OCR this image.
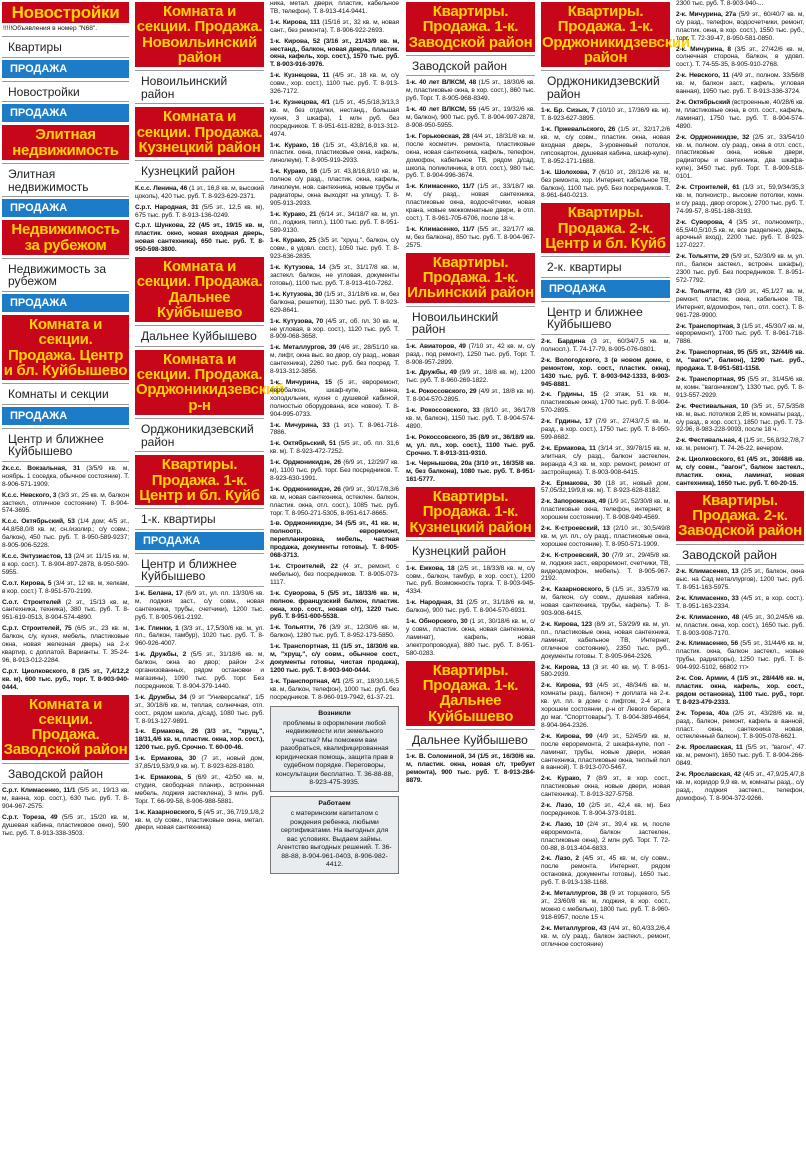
Новостройки
!!!!!Объявления в номер "N68".
Квартиры
ПРОДАЖА
Новостройки
ПРОДАЖА
Элитная недвижимость
Элитная недвижимость
ПРОДАЖА
Недвижимость за рубежом
Недвижимость за рубежом
ПРОДАЖА
Комната и секции. Продажа. Центр и бл. Куйбышево
Комнаты и секции
ПРОДАЖА
Центр и ближнее Куйбышево
2к.с.с. Вокзальная, 31 (3/5/9 кв. м, ноябрь. 1 соседка, обычное состояние). Т. 8-906-571-1909.
К.с.с. Невского, 3 (3/3 эт., 25 кв. м, балкон застекл., отличное состояние) Т. 8-904-574-3695.
К.с.с. Октябрьский, 53 (1/4 дом; 4/5 эт., 44,8/58,0/8 кв. м; сн./изолир.; с/у совм.; балкон), 450 тыс. руб. Т. 8-950-589-9237; 8-905-906-5228.
К.с.с. Энтузиастов, 13 (2/4 эт. 11/15 кв. м, в кор. сост.). Т. 8-904-897-2878, 8-950-590-5955.
С.о.т. Кирова, 5 (3/4 эт., 12 кв. м, хелкам, в кор. сост.) Т. 8-951-570-2199.
С.о.т. Строителей (2 эт., 15/13 кв. м, сантехника, техника), 380 тыс. руб. Т. 8-951-619-0513, 8-904-574-4890.
С.р.т. Строителей, 75 (6/5 эт., 23 кв. м, балкон, с/у, кухня, мебель, пластиковые окна, новая железная дверь) на 2-х квартир, с доплатой. Варианты. Т. 35-24-96, 8-913-012-2284.
С.р.т. Циолковского, 8 (3/5 эт., 7,4/12,2 кв. м), 600 тыс. руб., торг. Т. 8-903-940-0444.
Комната и секции. Продажа. Заводской район
Заводской район
С.р.т. Климасенко, 11/1 (5/5 эт., 19/13 кв. м, ванна, хор. сост.), 630 тыс. руб. Т. 8-904-967-2575.
С.р.т. Тореза, 49 (5/5 эт., 15/20 кв. м, душевая кабина, пластиковое окно), 590 тыс. руб. Т. 8-913-338-3503.
Комната и секции. Продажа. Новоильинский район
Новоильинский район
Комната и секции. Продажа. Кузнецкий район
Кузнецкий район
К.с.с. Ленина, 46 (1 эт., 16,8 кв. м, высокий цоколь), 420 тыс. руб. Т. 8-923-629-2371.
С.р.т. Народная, 31 (5/5 эт., 12,5 кв. м), 675 тыс. руб. Т. 8-913-136-0249.
С.р.т. Шункова, 22 (4/5 эт., 19/15 кв. м, пластик. окно, новая входная дверь, новая сантехника), 650 тыс. руб. Т. 8-950-598-3800.
Комната и секции. Продажа. Дальнее Куйбышево
Дальнее Куйбышево
Комната и секции. Продажа. Орджоникидзевский р-н
Орджоникидзевский район
Квартиры. Продажа. 1-к. Центр и бл. Куйб
1-к. квартиры
ПРОДАЖА
Центр и ближнее Куйбышево
1-к. Белана, 17 (6/9 эт., ул. пл. 13/30/6 кв. м, лоджия заст., с/у совм., новая сантехника, трубы, счетчики), 1200 тыс. руб. Т. 8-905-961-2192.
1-к. Глинки, 1 (3/3 эт., 17,5/30/6 кв. м, ул. пл., балкон, тамбур), 1020 тыс. руб. Т. 8-960-926-4007.
1-к. Дружбы, 2 (5/5 эт., 31/18/6 кв. м, балкон, окна во двор; район 2-х организованных, рядом остановки и магазины), 1090 тыс. руб. торг. Без посредников. Т. 8-904-379-1440.
1-к. Дружбы, 34 (9 эт "Универсалка", 1/5 эт., 30/18/6 кв. м, теплая, солнечная, отл. сост., рядом школа, д/сад), 1080 тыс. руб. Т. 8-913-127-9891.
1-к. Ермакова, 26 (3/3 эт., "хрущ.", 18/31,4/6 кв. м, пластик. окна, хор. сост.), 1200 тыс. руб. Срочно. Т. 60-00-46.
1-к. Ермакова, 30 (7 эт., новый дом, 37,85/19,53/9,9 кв. м). Т. 8-923-628-8180.
1-к. Ермакова, 5 (6/9 эт., 42/50 кв. м, студия, свободная планир., встроенная мебель, лоджия застеклена), 3 млн. руб. Торг. Т. 66-99-58, 8-906-988-5881.
1-к. Казарновского, 5 (4/5 эт., 36,7/19,1/8,2 кв. м, с/у совм., пластиковые окна, метал. двери, новая сантехника)
ника, метал. двери, пластик, кабельное ТВ, телефон). Т. 8-913-414-9441.
1-к. Кирова, 111 (15/16 эт., 32 кв. м, новая сант., без ремонта). Т. 8-906-922-2693.
1-к. Кирова, 52 (3/16 эт., 21/43/9 кв. м, нестанд., балкон, новая дверь, пластик. окна, кафель, хор. сост.), 1570 тыс. руб. Т. 8-903-916-3976.
1-к. Кузнецова, 11 (4/5 эт., 18 кв. м, с/у совм., хор. сост.), 1100 тыс. руб. Т. 8-913-326-7172.
1-к. Кузнецова, 4/1 (1/5 эт., 45,5/18,3/13,3 кв. м, без отделки, нестанд., большая кухня, 3 шкафа), 1 млн руб. без посредников. Т. 8-951-611-8282, 8-913-312-4974.
1-к. Курако, 16 (1/5 эт., 43,8/16,8 кв. м, пластик. окна, пластиковые окна, кафель, линолеум). Т. 8-905-919-2933.
1-к. Курако, 16 (1/5 эт. 43,8/16,8/10 кв. м, полное с/у разд., пластик. окна, кафель, линолеум, нов. сантехника, новые трубы и радиаторы, окна выходят на улицу). Т. 8-905-913-2933.
1-к. Курако, 21 (6/14 эт., 34/18/7 кв. м, ул. пл., лоджия, тепл.), 1100 тыс. руб. Т. 8-951-589-9130.
1-к. Курако, 25 (3/5 эт. "хрущ.", балкон, с/у совм., в удовл. сост.), 1050 тыс. руб. Т. 8-923-636-2835.
1-к. Кутузова, 14 (3/5 эт., 31/17/8 кв. м, застекл. балкон, не угловая, документы готовы), 1100 тыс. руб. Т. 8-913-410-7262.
1-к. Кутузова, 30 (1/5 эт., 31/18/6 кв. м, без балкона, решетки), 1130 тыс. руб. Т. 8-923-629-8641.
1-к. Кутузова, 70 (4/5 эт., об. пл. 30 кв. м, не угловая, в хор. сост.), 1120 тыс. руб. Т. 8-909-068-3658.
1-к. Металлургов, 39 (4/6 эт., 28/51/10 кв. м, лифт, окна выс. во двор, с/у разд., новая сантехника), 2260 тыс. руб. без посред. Т. 8-913-312-3856.
1-к. Мичурина, 15 (5 эт., евроремонт, евробалкон, шкаф-купе, ванна, холодильник, кухня с душевой кабиной, полностью оборудована, все новое). Т. 8-904-995-0733.
1-к. Мичурина, 33 (1 эт.). Т. 8-961-718-7886.
1-к. Октябрьский, 51 (5/5 эт., об. пл. 31,6 кв. м). Т. 8-923-472-7252.
1-к. Орджоникидзе, 26 (6/9 эт., 12/29/7 кв. м), 1100 тыс. руб. торг. Без посредников. Т. 8-923-630-1991.
1-к. Орджоникидзе, 26 (9/9 эт., 30/17/8,3/6 кв. м, новая сантехника, остеклен. балкон, пластик. окна, отл. сост.), 1085 тыс. руб. торг. Т. 8-950-271-5305, 8-951-617-8665.
1-в. Орджоникидзе, 34 (5/5 эт., 41 кв. м, полноотр. евроремонт, перепланировка, мебель, частная продажа, документы готовы). Т. 8-905-068-3713.
1-к. Строителей, 22 (4 эт., ремонт, с мебелью), без посредников. Т. 8-905-073-1117.
1-к. Суворова, 5 (5/5 эт., 18/33/6 кв. м, полное. французский балкон, пластик. окна, хор. сост., новая с/т), 1220 тыс. руб. Т. 8-951-600-5538.
1-к. Тольятти, 76 (3/9 эт., 12/30/6 кв. м, балкон), 1280 тыс. руб. Т. 8-952-173-5850.
1-к. Транспортная, 11 (1/5 эт., 18/30/6 кв. м, "хрущ.", с/у совм., обычное сост., документы готовы, чистая продажа), 1200 тыс. руб. Т. 8-903-940-0444.
1-к. Транспортная, 4/1 (2/5 эт., 18/30,1/6,5 кв. м, балкон, телефон), 1000 тыс. руб. без посредников. Т. 8-960-919-7942, 61-37-21.
Возникли
проблемы в оформлении любой недвижимости или земельного участка? Мы поможем вам разобраться, квалифицированная юридическая помощь, защита прав в судебном порядке. Переговоры, консультации бесплатно. Т. 36-88-88, 8-923-475-3935.
Работаем
с материнским капиталом с рождения ребенка, любыми сертификатами. На выгодных для вас условиях. Выдаем займы. Агентство выгодных решений. Т. 36-88-88, 8-904-961-0403, 8-906-982-4412.
Квартиры. Продажа. 1-к. Заводской район
Заводской район
1-к. 40 лет ВЛКСМ, 48 (1/5 эт., 18/30/6 кв. м, пластиковые окна, в хор. сост.), 860 тыс. руб. Торг. Т. 8-905-968-8349.
1-к. 40 лет ВЛКСМ, 55 (4/5 эт., 19/32/6 кв. м, балкон), 900 тыс. руб. Т. 8-904-997-2878, 8-908-950-5955.
1-к. Горьковская, 28 (4/4 эт., 18/31/8 кв. м, после косметич. ремонта, пластиковые окна, новая сантехника, кафель, телефон, домофон, кабельное ТВ, рядом д/сад, школа, поликлиника, в отл. сост.), 980 тыс. руб. Т. 8-904-996-3674.
1-к. Климасенко, 11/7 (1/5 эт., 33/18/7 кв. м, с/у разд., новая сантехника, пластиковые окна, водосчётчики, новая крана, новые межкомнатные двери, в отл. сост.). Т. 8-961-705-6706, после 18 ч.
1-к. Климасенко, 11/7 (5/5 эт., 32/17/7 кв. м, без балкона), 850 тыс. руб. Т. 8-904-967-2575.
Квартиры. Продажа. 1-к. Ильинский район
Новоильинский район
1-к. Авиаторов, 49 (7/10 эт., 42 кв. м, с/у разд., под ремонт), 1250 тыс. руб. Торг. Т. 8-908-957-2899.
1-к. Дружбы, 49 (9/9 эт., 18/8 кв. м), 1200 тыс. руб. Т. 8-960-269-1822.
1-к. Рокоссовского, 29 (4/9 эт., 18/8 кв. м). Т. 8-904-570-2895.
1-к. Рокоссовского, 33 (8/10 эт., 36/17/8 кв. м, балкон), 1150 тыс. руб. Т. 8-904-574-4890.
1-к. Рокоссовского, 35 (8/9 эт., 36/18/9 кв. м, ул. пл., хор. сост.), 1100 тыс. руб. Срочно. Т. 8-913-311-9310.
1-к. Чернышова, 20а (3/10 эт., 16/35/8 кв. м, без балкона), 1080 тыс. руб. Т. 8-951-161-5777.
Квартиры. Продажа. 1-к. Кузнецкий район
Кузнецкий район
1-к. Ежкова, 18 (2/5 эт., 18/33/8 кв. м, с/у совм., балкон, тамбур, в хор. сост.), 1200 тыс. руб. Возможность торга. Т. 8-903-945-4334.
1-к. Народная, 31 (2/5 эт., 31/18/6 кв. м, балкон), 900 тыс. руб. Т. 8-904-570-6931.
1-к. Обнорского, 30 (1 эт., 30/18/6 кв. м, с/у совм., пластик. окна, новая сантехника, ламинат), кафель, новая электропроводка), 880 тыс. руб. Т. 8-951-580-0283.
Квартиры. Продажа. 1-к. Дальнее Куйбышево
Дальнее Куйбышево
1-к. В. Соломиной, 34 (1/5 эт., 16/30/6 кв. м, пластик. окна, новая с/т, требует ремонта), 900 тыс. руб. Т. 8-913-284-8879.
Квартиры. Продажа. 1-к. Орджоникидзевский район
Орджоникидзевский район
1-к. Бр. Сизых, 7 (10/10 эт., 17/36/9 кв. м). Т. 8-923-627-3895.
1-к. Пржевальского, 26 (1/5 эт., 32/17,2/6 кв. м, с/у совм., пластик. окна, новая входная дверь, 3-уровневый потолок, гипсокартон, душевая кабина, шкаф-купе). Т. 8-952-171-1688.
1-к. Шолохова, 7 (6/10 эт., 28/12/6 кв. м, без ремонта, хор. Интернет, кабельное ТВ, балкон), 1100 тыс. руб. Без посредников. Т. 8-961-640-0213.
Квартиры. Продажа. 2-к. Центр и бл. Куйб
2-к. квартиры
ПРОДАЖА
Центр и ближнее Куйбышево
2-к. Бардина (3 эт., 60/34/7,5 кв. м, полносп.). Т. 74-17-79, 8-905-076-0801.
2-к. Вологодского, 3 (в новом доме, с ремонтом, хор. сост., пластик. окна), 1430 тыс. руб. Т. 8-903-942-1333, 8-903-945-8881.
2-к. Грдины, 15 (2 этаж, 51 кв. м, пластиковые окна), 1700 тыс. руб. Т. 8-904-570-2895.
2-к. Грдины, 17 (7/9 эт., 27/43/7,5 кв. м, разд., в хор. сост.), 1750 тыс. руб. Т. 8-950-599-8682.
2-к. Ермакова, 11 (3/14 эт., 39/78/15 кв. м, элитная, с/у разд., балкон застеклен, веранда 4,3 кв. м, хор. ремонт, ремонт от застройщика). Т. 8-903-908-6415.
2-к. Ермакова, 30 (18 эт., новый дом, 57,05/32,19/9,8 кв. м). Т. 8-923-628-8182.
2-к. Запорожская, 49 (1/9 эт., 52/30/8 кв. м, пластиковые окна, телефон, интернет, в хорошем состоянии). Т. 8-908-949-4569.
2-к. К-строевский, 13 (2/10 эт., 30,5/49/8 кв. м, ул. пл., с/у разд., пластиковые окна, хорошее состояние). Т. 8-950-571-1909.
2-к. К-строевский, 30 (7/9 эт., 29/45/8 кв. м, лоджия заст., евроремонт, счетчики, ТВ, видеодомофон, мебель). Т. 8-905-967-2192.
2-к. Казарновского, 5 (1/5 эт., 33/57/9 кв. м, балкон, с/у совм., душевая кабина, новая сантехника, трубы, кафель). Т. 8-903-908-6415.
2-к. Кирова, 123 (8/9 эт., 53/29/9 кв. м, ул. пл., пластиковые окна, новая сантехника, ламинат, кабельное ТВ, Интернет, отличное состояние), 2350 тыс. руб., документы готовы. Т. 8-905-964-2326.
2-к. Кирова, 13 (3 эт. 40 кв. м). Т. 8-951-580-2939.
2-к. Кирова, 93 (4/5 эт., 48/34/6 кв. м, комнаты разд., балкон) + доплата на 2-к. кв. ул. пл. в доме с лифтом, 2-4 эт., в хорошем состоянии, р-н от Левого берега до маг. "Спорттовары"). Т. 8-904-389-4664, 8-904-964-2326.
2-к. Кирова, 99 (4/9 эт., 52/45/9 кв. м, после евроремонта, 2 шкафа-купе, пол - ламинат, трубы, новые двери, новая сантехника, пластиковые окна, теплый пол в ванной). Т. 8-913-070-5467.
2-к. Курако, 7 (8/9 эт., в хор. сост., пластиковые окна, новые двери, новая сантехника). Т. 8-913-327-5758.
2-к. Лазо, 10 (2/5 эт., 42,4 кв. м). Без посредников. Т. 8-904-373-9181.
2-к. Лазо, 10 (2/4 эт., 39,4 кв. м, после евроремонта, балкон застеклен, пластиковые окна), 2 млн руб. Торг. Т. 72-00-88, 8-913-404-6833.
2-к. Лазо, 2 (4/5 эт., 45 кв. м, с/у совм., после ремонта. Интернет, рядом остановка, документы готовы), 1650 тыс. руб. Т. 8-913-138-1168.
2-к. Металлургов, 38 (9 эт. торцевого, 5/5 эт., 23/60/8 кв. м, лоджия, в хор. сост., можно с мебелью), 1800 тыс. руб. Т. 8-960-918-6957, после 15 ч.
2-к. Металлургов, 43 (4/4 эт., 60,4/33,2/6,4 кв. м, с/у разд., балкон застекл., ремонт, отличное состояние)
2300 тыс. руб. Т. 8-903-940-...
2-к. Мичурина, 27а (5/9 эт., 60/40/7 кв. м, с/у разд., телефон, водосчетчики, ремонт, пластик. окна, в хор. сост.), 1550 тыс. руб., торг. Т. 72-39-47, 8-950-581-0850.
2-к. Мичурина, 8 (3/5 эт., 27/42/6 кв. м, солнечная сторона, балкон, в удовл. сост.). Т. 74-55-35, 8-905-910-2768.
2-к. Невского, 11 (4/9 эт., полном. 33/56/8 кв. м, балкон заст., кафель, угловая ванная), 1950 тыс. руб. Т. 8-913-336-3724.
2-к. Октябрьский (встроенные, 40/28/6 кв. м, пластиковые окна, в отл. сост., кафель, ламинат), 1750 тыс. руб. Т. 8-904-574-4890.
2-к. Орджоникидзе, 32 (2/5 эт., 33/54/10 кв. м, полном. с/у разд., окна в отл. сост., пластиковые окна, новые двери, радиаторы и сантехника, два шкафа-купе), 3450 тыс. руб. Торг. Т. 8-909-518-0101.
2-к. Строителей, 61 (1/3 эт., 59,9/34/35,3 кв. м, полноистр., высокие потолки, комн. и с/у разд., двор огорож.), 2700 тыс. руб. Т. 74-99-57, 8-951-188-3193.
2-к. Суворова, 4 (3/5 эт., полноометр., 65,5/40,5/10,5 кв. м, все разделено, дверь, арочный вход), 2200 тыс. руб. Т. 8-923-127-0227.
2-к. Тольятти, 29 (5/9 эт., 52/30/9 кв. м, ул. пл., балкон застекл., встроен. шкафы), 2300 тыс. руб. Без посредников. Т. 8-951-572-7792.
2-к. Тольятти, 43 (3/9 эт., 45,1/27 кв. м, ремонт, пластик. окна, кабельное ТВ, Интернет, в/домофон, тел., отл. сост.). Т. 8-961-728-9900.
2-к. Транспортная, 3 (1/5 эт., 45/30/7 кв. м, евроремонт), 1700 тыс. руб. Т. 8-961-718-7886.
2-к. Транспортная, 95 (5/5 эт., 32/44/6 кв. м, "вагон", балкон), 1290 тыс. руб., продажа. Т. 8-951-581-1158.
2-к. Транспортная, 95 (5/5 эт., 31/45/6 кв. м, комн. "вагончиком"), 1330 тыс. руб. Т. 8-913-557-2929.
2-к. Фестивальная, 10 (3/5 эт., 57,5/35/8 кв. м, выс. потолков 2,85 м, комнаты разд., с/у разд., в хор. сост.), 1850 тыс. руб. Т. 73-92-96, 8-983-228-9093, после 18 ч.
2-к. Фестивальная, 4 (1/5 эт., 56,8/32,7/8,7 кв. м, ремонт). Т. 74-26-22, вечером.
2-к. Циолковского, 61 (4/5 эт., 30/48/6 кв. м, с/у совм., "вагон", балкон застекл., пластик. окна, ламинат, новая сантехника), 1650 тыс. руб. Т. 60-20-15.
Квартиры. Продажа. 2-к. Заводской район
Заводской район
2-к. Климасенко, 13 (2/5 эт., балкон, окна выс. на Сад металлургов), 1200 тыс. руб. Т. 8-951-163-5975.
2-к. Климасенко, 33 (4/5 эт., в хор. сост.). Т. 8-951-163-2334.
2-к. Климасенко, 48 (4/5 эт., 30,2/45/6 кв. м, пластик. окна, хор. сост.), 1650 тыс. руб. Т. 8-903-908-7170.
2-к. Климасенко, 56 (5/5 эт., 31/44/6 кв. м, пластик. окна, балкон застекл., новые трубы, радиаторы), 1250 тыс. руб. Т. 8-904-992-5102, 66802 тт>
2-к. Сов. Армии, 4 (1/5 эт., 28/44/6 кв. м, пластик. окна, кафель, хор. сост., рядом остановка), 1100 тыс. руб., торг. Т. 8-923-479-2333.
2-к. Тореза, 40а (2/5 эт., 43/28/6 кв. м, разд., балкон, ремонт, кафель в ванной, пласт. окна, сантехника новая, остекленный балкон). Т. 8-905-078-6621.
2-к. Ярославская, 11 (5/5 эт., "вагон", 47 кв. м, ремонт), 1650 тыс. руб. Т. 8-904-266-0849.
2-к. Ярославская, 42 (4/5 эт., 47,9/25,4/7,8 кв. м, коридор 9,9 кв. м, комнаты разд., с/у разд., лоджия застекл., телефон, домофон). Т. 8-904-372-9266.
